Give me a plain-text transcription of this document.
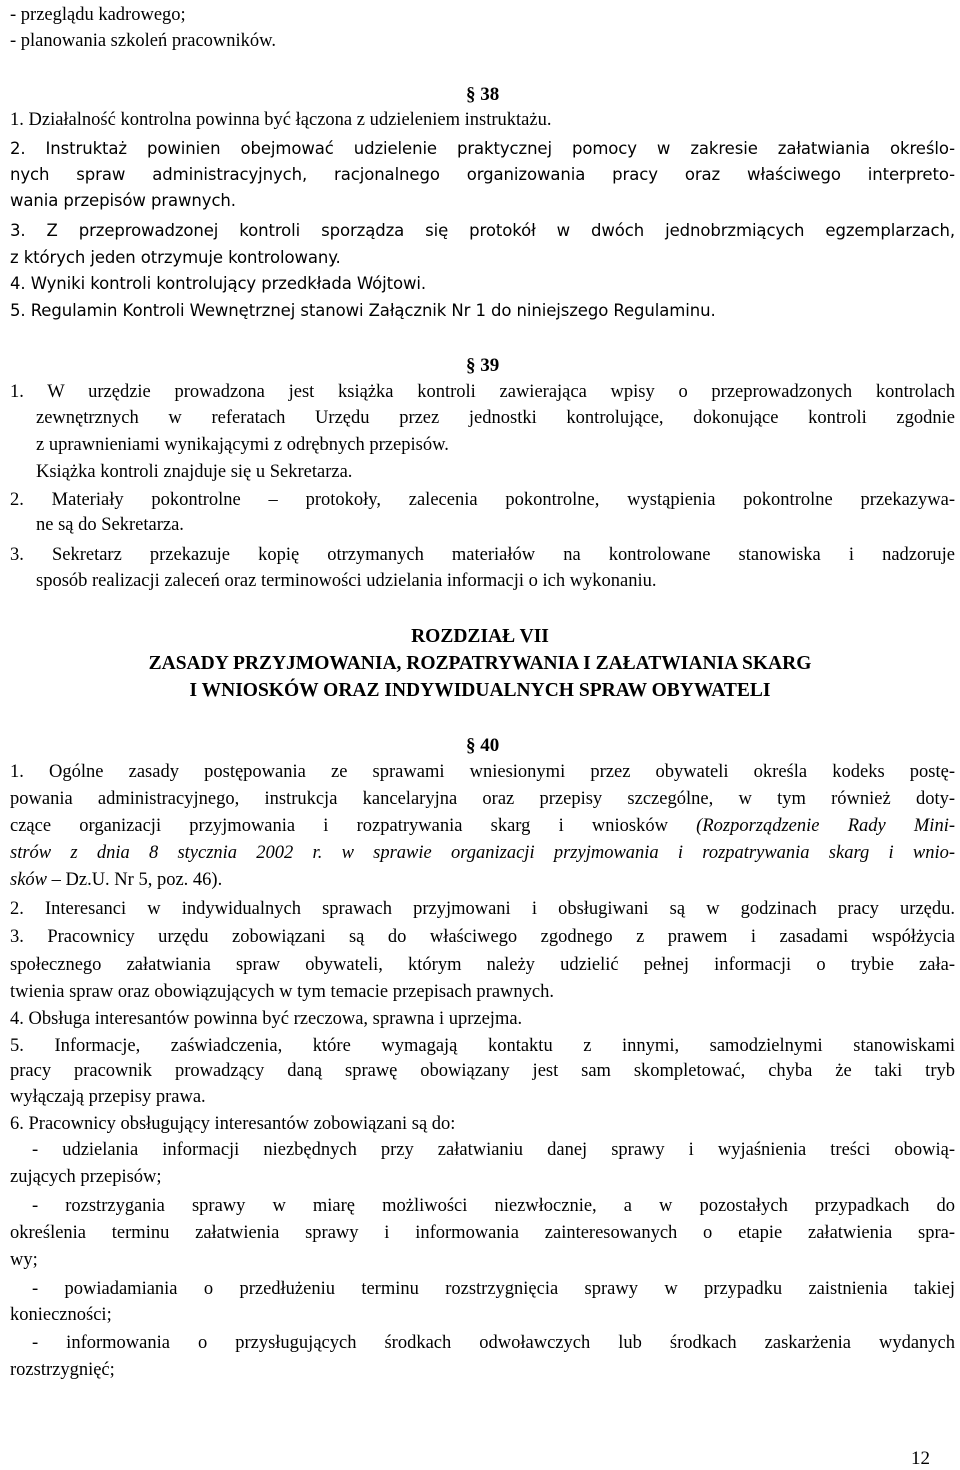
- przeglądu kadrowego;
- planowania szkoleń pracowników.
§ 38
1. Działalność kontrolna powinna być łączona z udzieleniem instruktażu.
2. Instruktaż powinien obejmować udzielenie praktycznej pomocy w zakresie załatwiania określo-
nych spraw administracyjnych, racjonalnego organizowania pracy oraz właściwego interpreto-
wania przepisów prawnych.
3. Z przeprowadzonej kontroli sporządza się protokół w dwóch jednobrzmiących egzemplarzach,
z których jeden otrzymuje kontrolowany.
4. Wyniki kontroli kontrolujący przedkłada Wójtowi.
5. Regulamin Kontroli Wewnętrznej stanowi Załącznik Nr 1 do niniejszego Regulaminu.
§ 39
1. W urzędzie prowadzona jest książka kontroli zawierająca wpisy o przeprowadzonych kontrolach
zewnętrznych w referatach Urzędu przez jednostki kontrolujące, dokonujące kontroli zgodnie
z uprawnieniami wynikającymi z odrębnych przepisów.
Książka kontroli znajduje się u Sekretarza.
2. Materiały pokontrolne – protokoły, zalecenia pokontrolne, wystąpienia pokontrolne przekazywa-
ne są do Sekretarza.
3. Sekretarz przekazuje kopię otrzymanych materiałów na kontrolowane stanowiska i nadzoruje
sposób realizacji zaleceń oraz terminowości udzielania informacji o ich wykonaniu.
ROZDZIAŁ VII
ZASADY PRZYJMOWANIA, ROZPATRYWANIA I ZAŁATWIANIA SKARG
I WNIOSKÓW ORAZ INDYWIDUALNYCH SPRAW OBYWATELI
§ 40
1. Ogólne zasady postępowania ze sprawami wniesionymi przez obywateli określa kodeks postę-
powania administracyjnego, instrukcja kancelaryjna oraz przepisy szczególne, w tym również doty-
czące organizacji przyjmowania i rozpatrywania skarg i wniosków (Rozporządzenie Rady Mini-
strów z dnia 8 stycznia 2002 r. w sprawie organizacji przyjmowania i rozpatrywania skarg i wnio-
sków – Dz.U. Nr 5, poz. 46).
2. Interesanci w indywidualnych sprawach przyjmowani i obsługiwani są w godzinach pracy urzędu.
3. Pracownicy urzędu zobowiązani są do właściwego zgodnego z prawem i zasadami współżycia
społecznego załatwiania spraw obywateli, którym należy udzielić pełnej informacji o trybie zała-
twienia spraw oraz obowiązujących w tym temacie przepisach prawnych.
4. Obsługa interesantów powinna być rzeczowa, sprawna i uprzejma.
5. Informacje, zaświadczenia, które wymagają kontaktu z innymi, samodzielnymi stanowiskami
pracy pracownik prowadzący daną sprawę obowiązany jest sam skompletować, chyba że taki tryb
wyłączają przepisy prawa.
6. Pracownicy obsługujący interesantów zobowiązani są do:
- udzielania informacji niezbędnych przy załatwianiu danej sprawy i wyjaśnienia treści obowią-
zujących przepisów;
- rozstrzygania sprawy w miarę możliwości niezwłocznie, a w pozostałych przypadkach do
określenia terminu załatwienia sprawy i informowania zainteresowanych o etapie załatwienia spra-
wy;
- powiadamiania o przedłużeniu terminu rozstrzygnięcia sprawy w przypadku zaistnienia takiej
konieczności;
- informowania o przysługujących środkach odwoławczych lub środkach zaskarżenia wydanych
rozstrzygnięć;
12
